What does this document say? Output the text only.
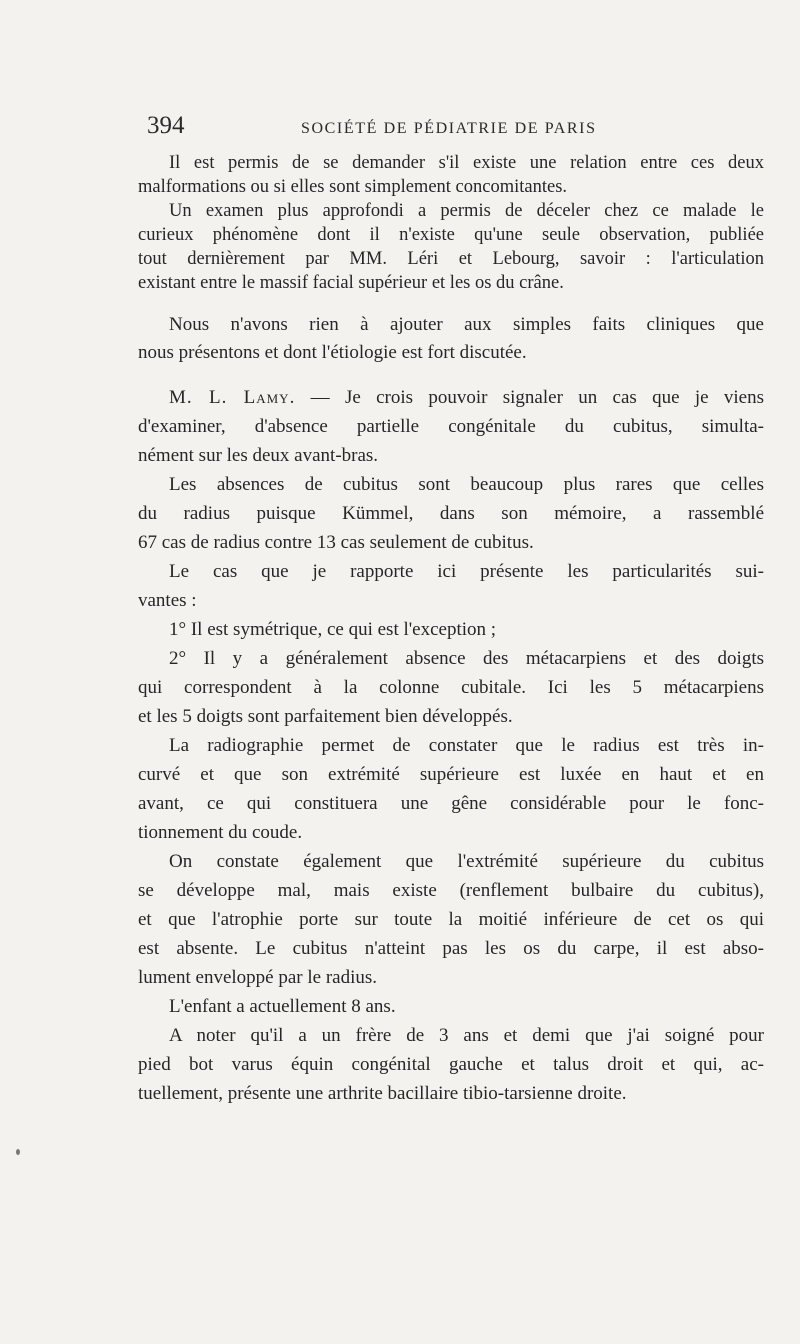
394	SOCIÉTÉ DE PÉDIATRIE DE PARIS
Il est permis de se demander s'il existe une relation entre ces deux
malformations ou si elles sont simplement concomitantes.
Un examen plus approfondi a permis de déceler chez ce malade le
curieux phénomène dont il n'existe qu'une seule observation, publiée
tout dernièrement par MM. Léri et Lebourg, savoir : l'articulation
existant entre le massif facial supérieur et les os du crâne.
Nous n'avons rien à ajouter aux simples faits cliniques que
nous présentons et dont l'étiologie est fort discutée.
M. L. Lamy. — Je crois pouvoir signaler un cas que je viens
d'examiner, d'absence partielle congénitale du cubitus, simulta-
nément sur les deux avant-bras.
Les absences de cubitus sont beaucoup plus rares que celles
du radius puisque Kümmel, dans son mémoire, a rassemblé
67 cas de radius contre 13 cas seulement de cubitus.
Le cas que je rapporte ici présente les particularités sui-
vantes :
1° Il est symétrique, ce qui est l'exception ;
2° Il y a généralement absence des métacarpiens et des doigts
qui correspondent à la colonne cubitale. Ici les 5 métacarpiens
et les 5 doigts sont parfaitement bien développés.
La radiographie permet de constater que le radius est très in-
curvé et que son extrémité supérieure est luxée en haut et en
avant, ce qui constituera une gêne considérable pour le fonc-
tionnement du coude.
On constate également que l'extrémité supérieure du cubitus
se développe mal, mais existe (renflement bulbaire du cubitus),
et que l'atrophie porte sur toute la moitié inférieure de cet os qui
est absente. Le cubitus n'atteint pas les os du carpe, il est abso-
lument enveloppé par le radius.
L'enfant a actuellement 8 ans.
A noter qu'il a un frère de 3 ans et demi que j'ai soigné pour
pied bot varus équin congénital gauche et talus droit et qui, ac-
tuellement, présente une arthrite bacillaire tibio-tarsienne droite.
